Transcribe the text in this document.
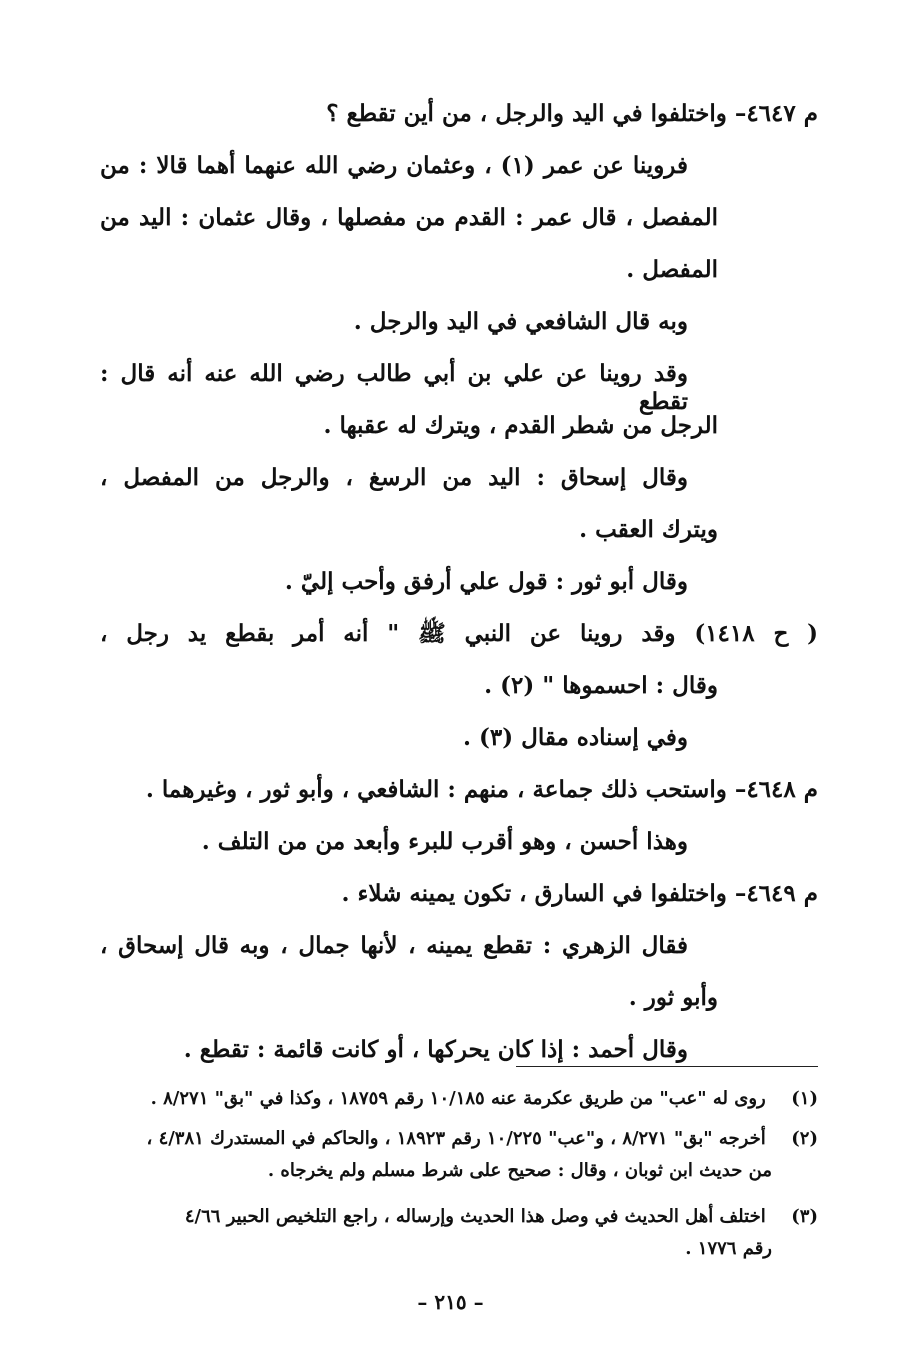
م ٤٦٤٧– واختلفوا في اليد والرجل ، من أين تقطع ؟
فروينا عن عمر (١) ، وعثمان رضي الله عنهما أهما قالا : من
المفصل ، قال عمر : القدم من مفصلها ، وقال عثمان : اليد من
المفصل .
وبه قال الشافعي في اليد والرجل .
وقد روينا عن علي بن أبي طالب رضي الله عنه أنه قال : تقطع
الرجل من شطر القدم ، ويترك له عقبها .
وقال إسحاق : اليد من الرسغ ، والرجل من المفصل ،
ويترك العقب .
وقال أبو ثور : قول علي أرفق وأحب إليّ .
( ح ١٤١٨) وقد روينا عن النبي ﷺ " أنه أمر بقطع يد رجل ،
وقال : احسموها " (٢) .
وفي إسناده مقال (٣) .
م ٤٦٤٨– واستحب ذلك جماعة ، منهم : الشافعي ، وأبو ثور ، وغيرهما .
وهذا أحسن ، وهو أقرب للبرء وأبعد من من التلف .
م ٤٦٤٩– واختلفوا في السارق ، تكون يمينه شلاء .
فقال الزهري : تقطع يمينه ، لأنها جمال ، وبه قال إسحاق ،
وأبو ثور .
وقال أحمد : إذا كان يحركها ، أو كانت قائمة : تقطع .
(١) روى له "عب" من طريق عكرمة عنه ١٠/١٨٥ رقم ١٨٧٥٩ ، وكذا في "بق" ٨/٢٧١ .
(٢) أخرجه "بق" ٨/٢٧١ ، و"عب" ١٠/٢٢٥ رقم ١٨٩٢٣ ، والحاكم في المستدرك ٤/٣٨١ ،
من حديث ابن ثوبان ، وقال : صحيح على شرط مسلم ولم يخرجاه .
(٣) اختلف أهل الحديث في وصل هذا الحديث وإرساله ، راجع التلخيص الحبير ٤/٦٦
رقم ١٧٧٦ .
– ٢١٥ –
